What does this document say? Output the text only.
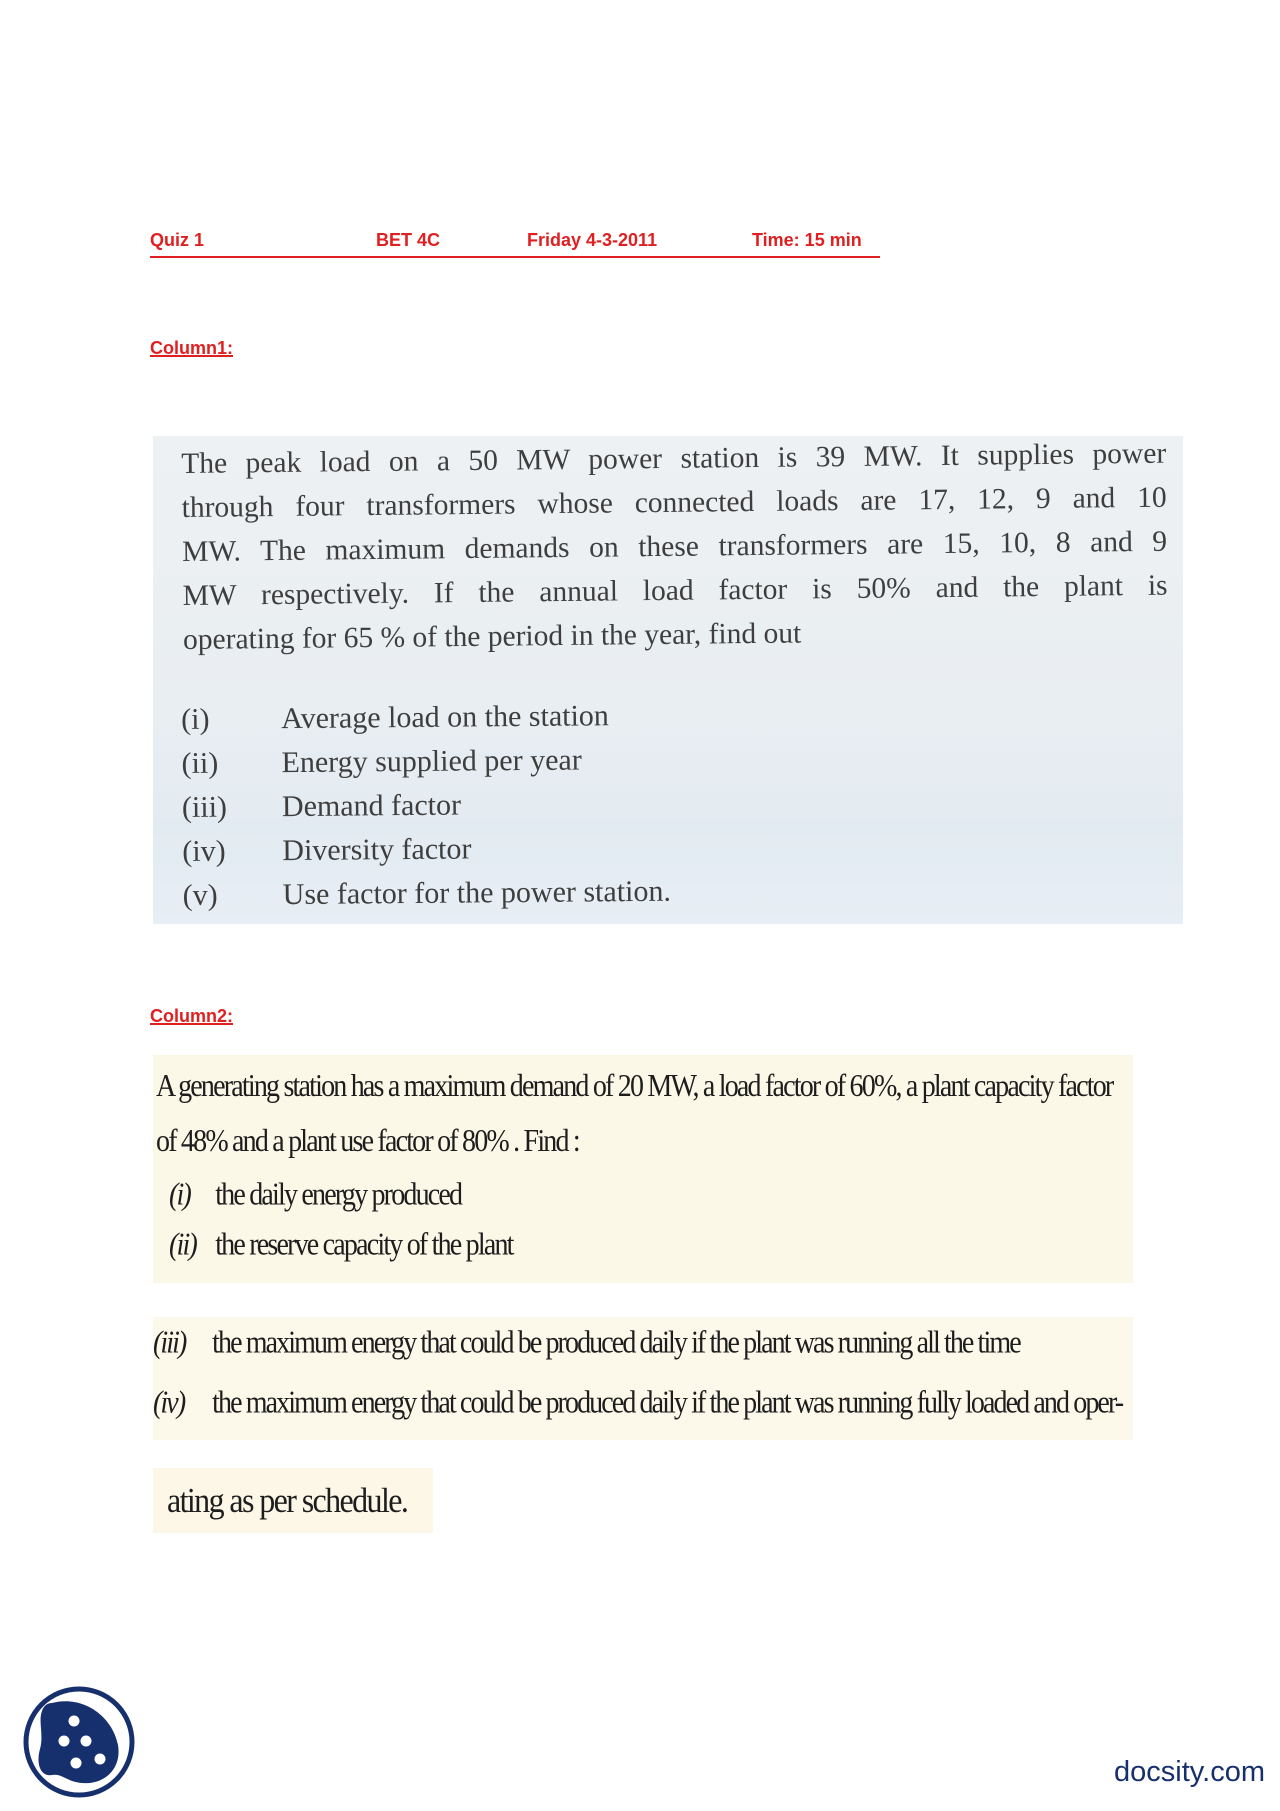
Quiz 1	BET 4C	Friday 4-3-2011	Time: 15 min
Column1:
The peak load on a 50 MW power station is 39 MW. It supplies power
through four transformers whose connected loads are 17, 12, 9 and 10
MW. The maximum demands on these transformers are 15, 10, 8 and 9
MW respectively. If the annual load factor is 50% and the plant is
operating for 65 % of the period in the year, find out
(i)	Average load on the station
(ii)	Energy supplied per year
(iii)	Demand factor
(iv)	Diversity factor
(v)	Use factor for the power station.
Column2:
A generating station has a maximum demand of 20 MW, a load factor of 60%, a plant capacity factor of 48% and a plant use factor of 80% . Find :
(i) the daily energy produced
(ii) the reserve capacity of the plant
(iii) the maximum energy that could be produced daily if the plant was running all the time
(iv) the maximum energy that could be produced daily if the plant was running fully loaded and oper-
ating as per schedule.
docsity.com
